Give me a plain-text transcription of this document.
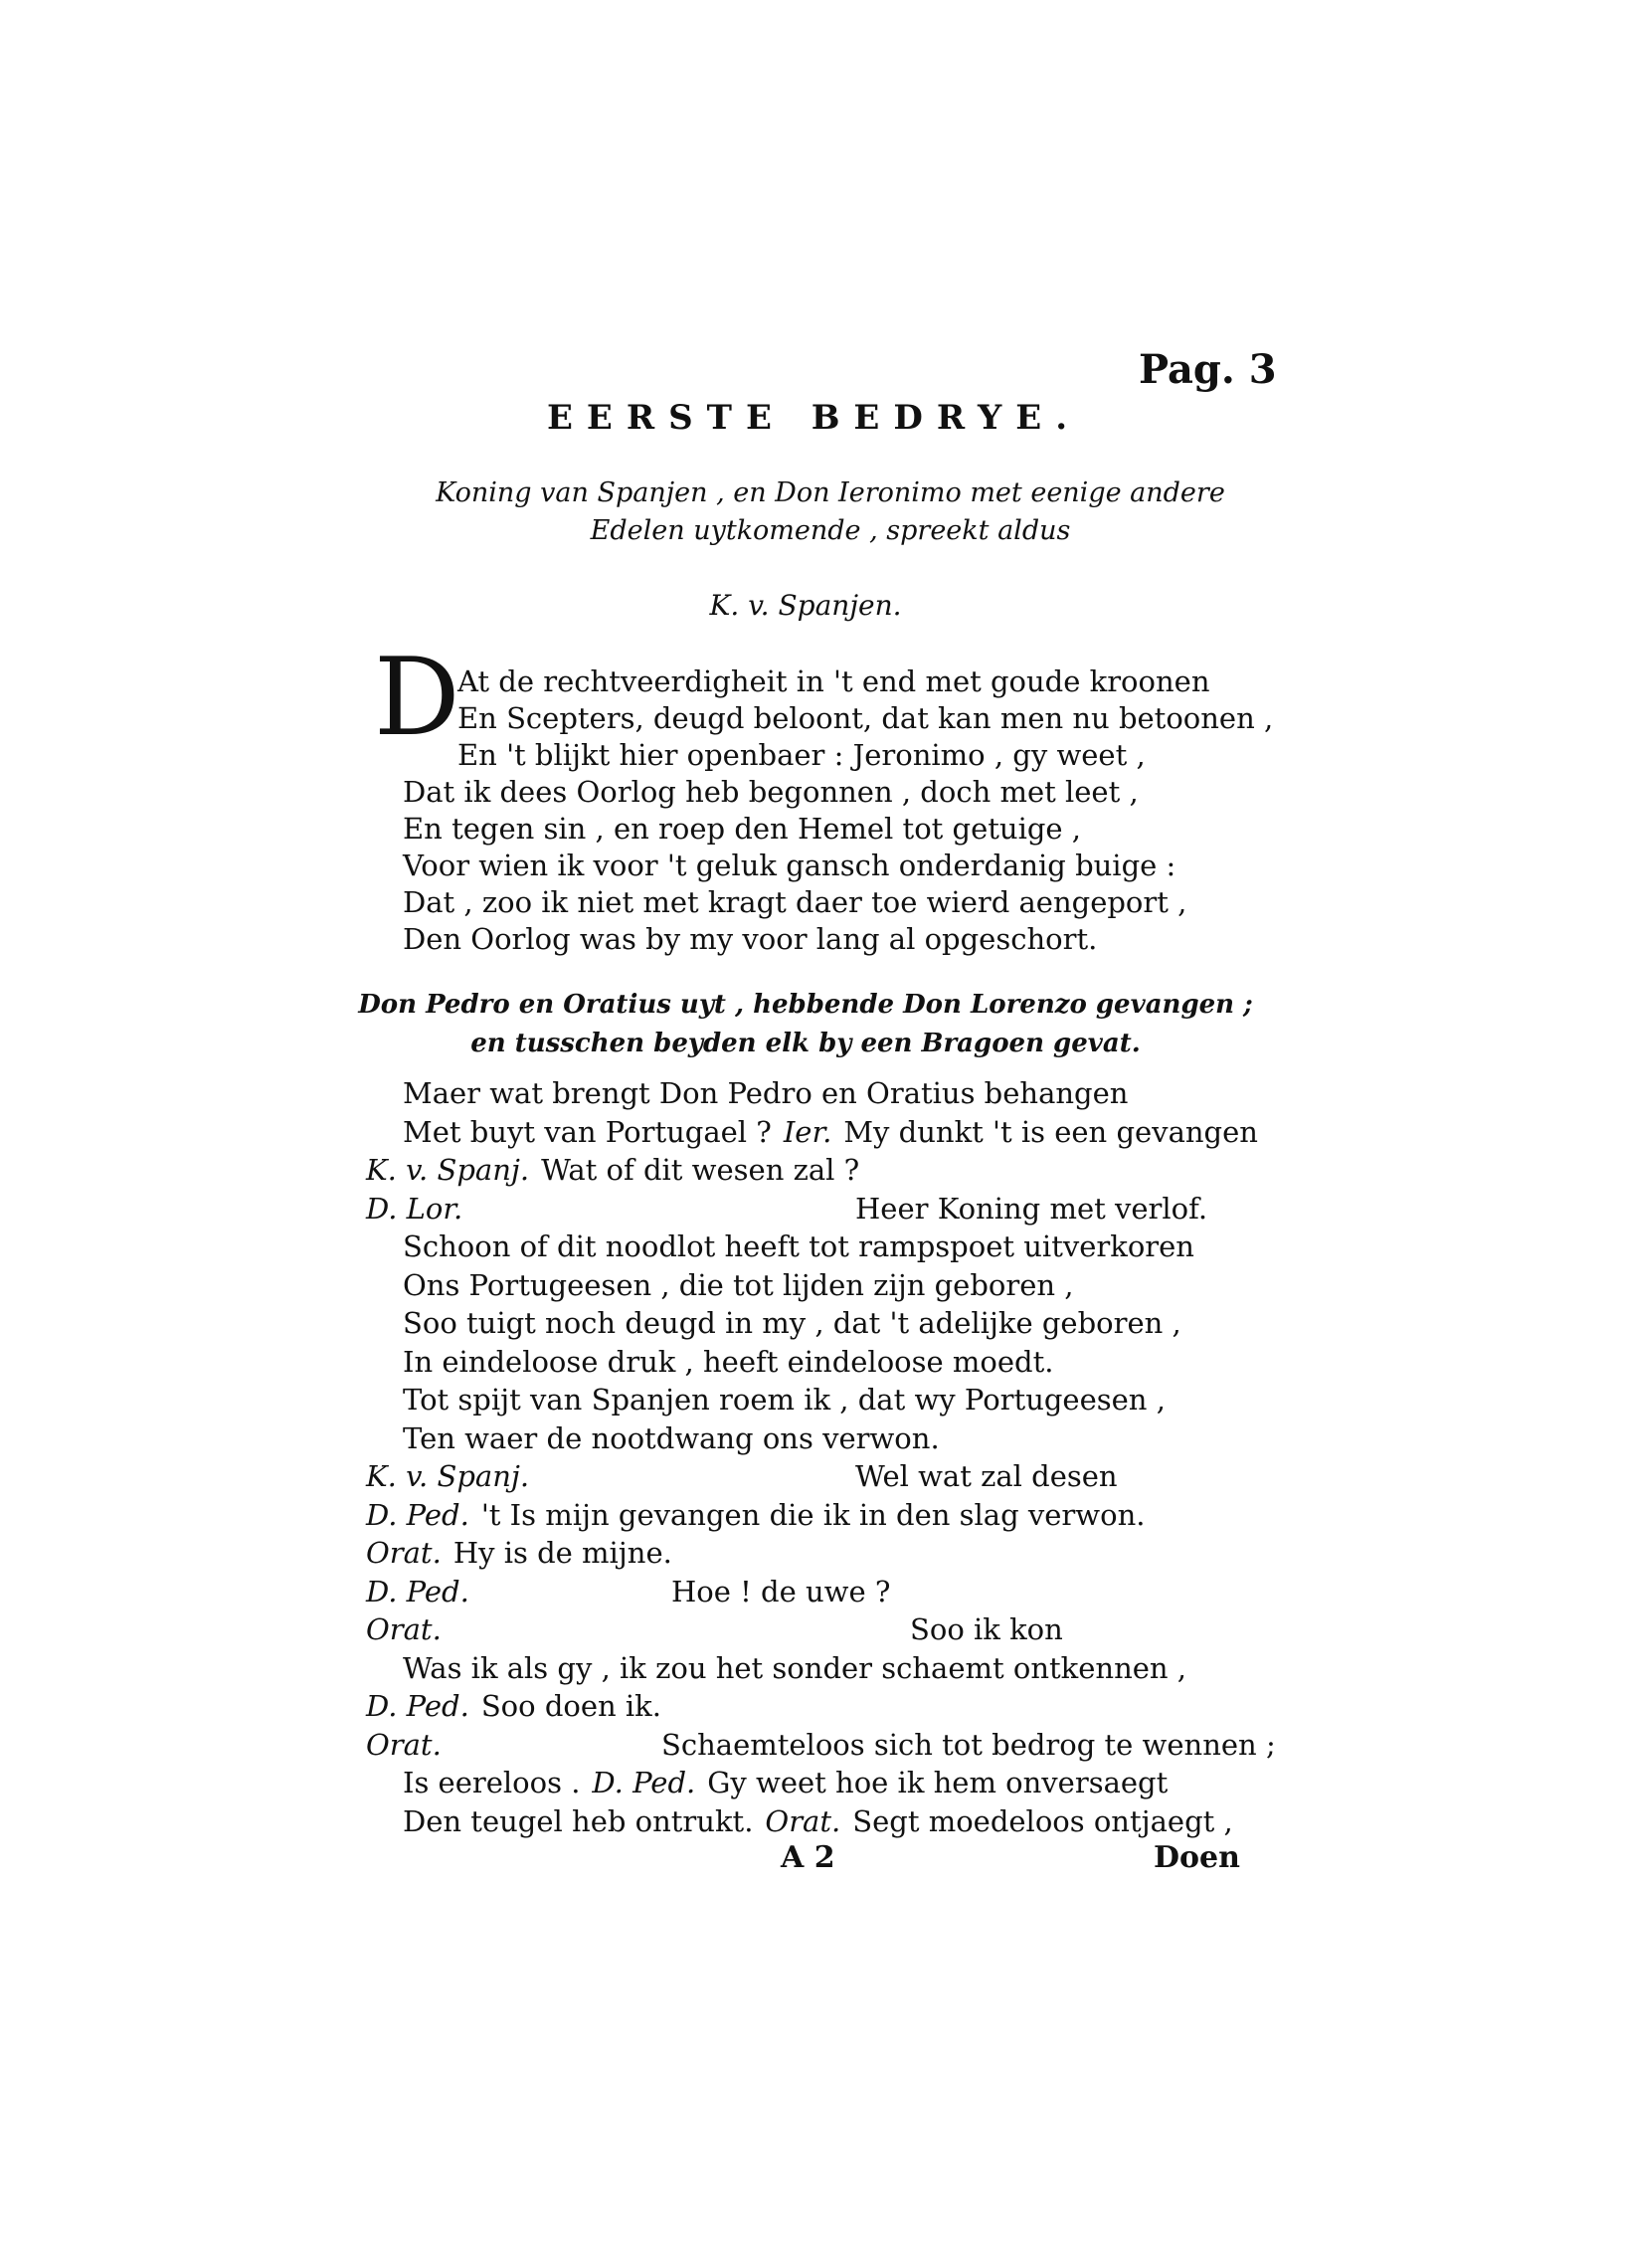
Pag. 3
EERSTE BEDRYE.
Koning van Spanjen , en Don Ieronimo met eenige andere
Edelen uytkomende , spreekt aldus
K. v. Spanjen.
D
At de rechtveerdigheit in 't end met goude kroonen
En Scepters, deugd beloont, dat kan men nu betoonen ,
En 't blijkt hier openbaer : Jeronimo , gy weet ,
Dat ik dees Oorlog heb begonnen , doch met leet ,
En tegen sin , en roep den Hemel tot getuige ,
Voor wien ik voor 't geluk gansch onderdanig buige :
Dat , zoo ik niet met kragt daer toe wierd aengeport ,
Den Oorlog was by my voor lang al opgeschort.
Don Pedro en Oratius uyt , hebbende Don Lorenzo gevangen ;
en tusschen beyden elk by een Bragoen gevat.
Maer wat brengt Don Pedro en Oratius behangen
Met buyt van Portugael ? Ier. My dunkt 't is een gevangen
K. v. Spanj. Wat of dit wesen zal ?
D. Lor.	Heer Koning met verlof.
Schoon of dit noodlot heeft tot rampspoet uitverkoren
Ons Portugeesen , die tot lijden zijn geboren ,
Soo tuigt noch deugd in my , dat 't adelijke geboren ,
In eindeloose druk , heeft eindeloose moedt.
Tot spijt van Spanjen roem ik , dat wy Portugeesen ,
Ten waer de nootdwang ons verwon.
K. v. Spanj.	Wel wat zal desen
D. Ped. 't Is mijn gevangen die ik in den slag verwon.
Orat. Hy is de mijne.
D. Ped.	Hoe ! de uwe ?
Orat.	Soo ik kon
Was ik als gy , ik zou het sonder schaemt ontkennen ,
D. Ped. Soo doen ik.
Orat.	Schaemteloos sich tot bedrog te wennen ;
Is eereloos . D. Ped. Gy weet hoe ik hem onversaegt
Den teugel heb ontrukt. Orat. Segt moedeloos ontjaegt ,
A 2	Doen
